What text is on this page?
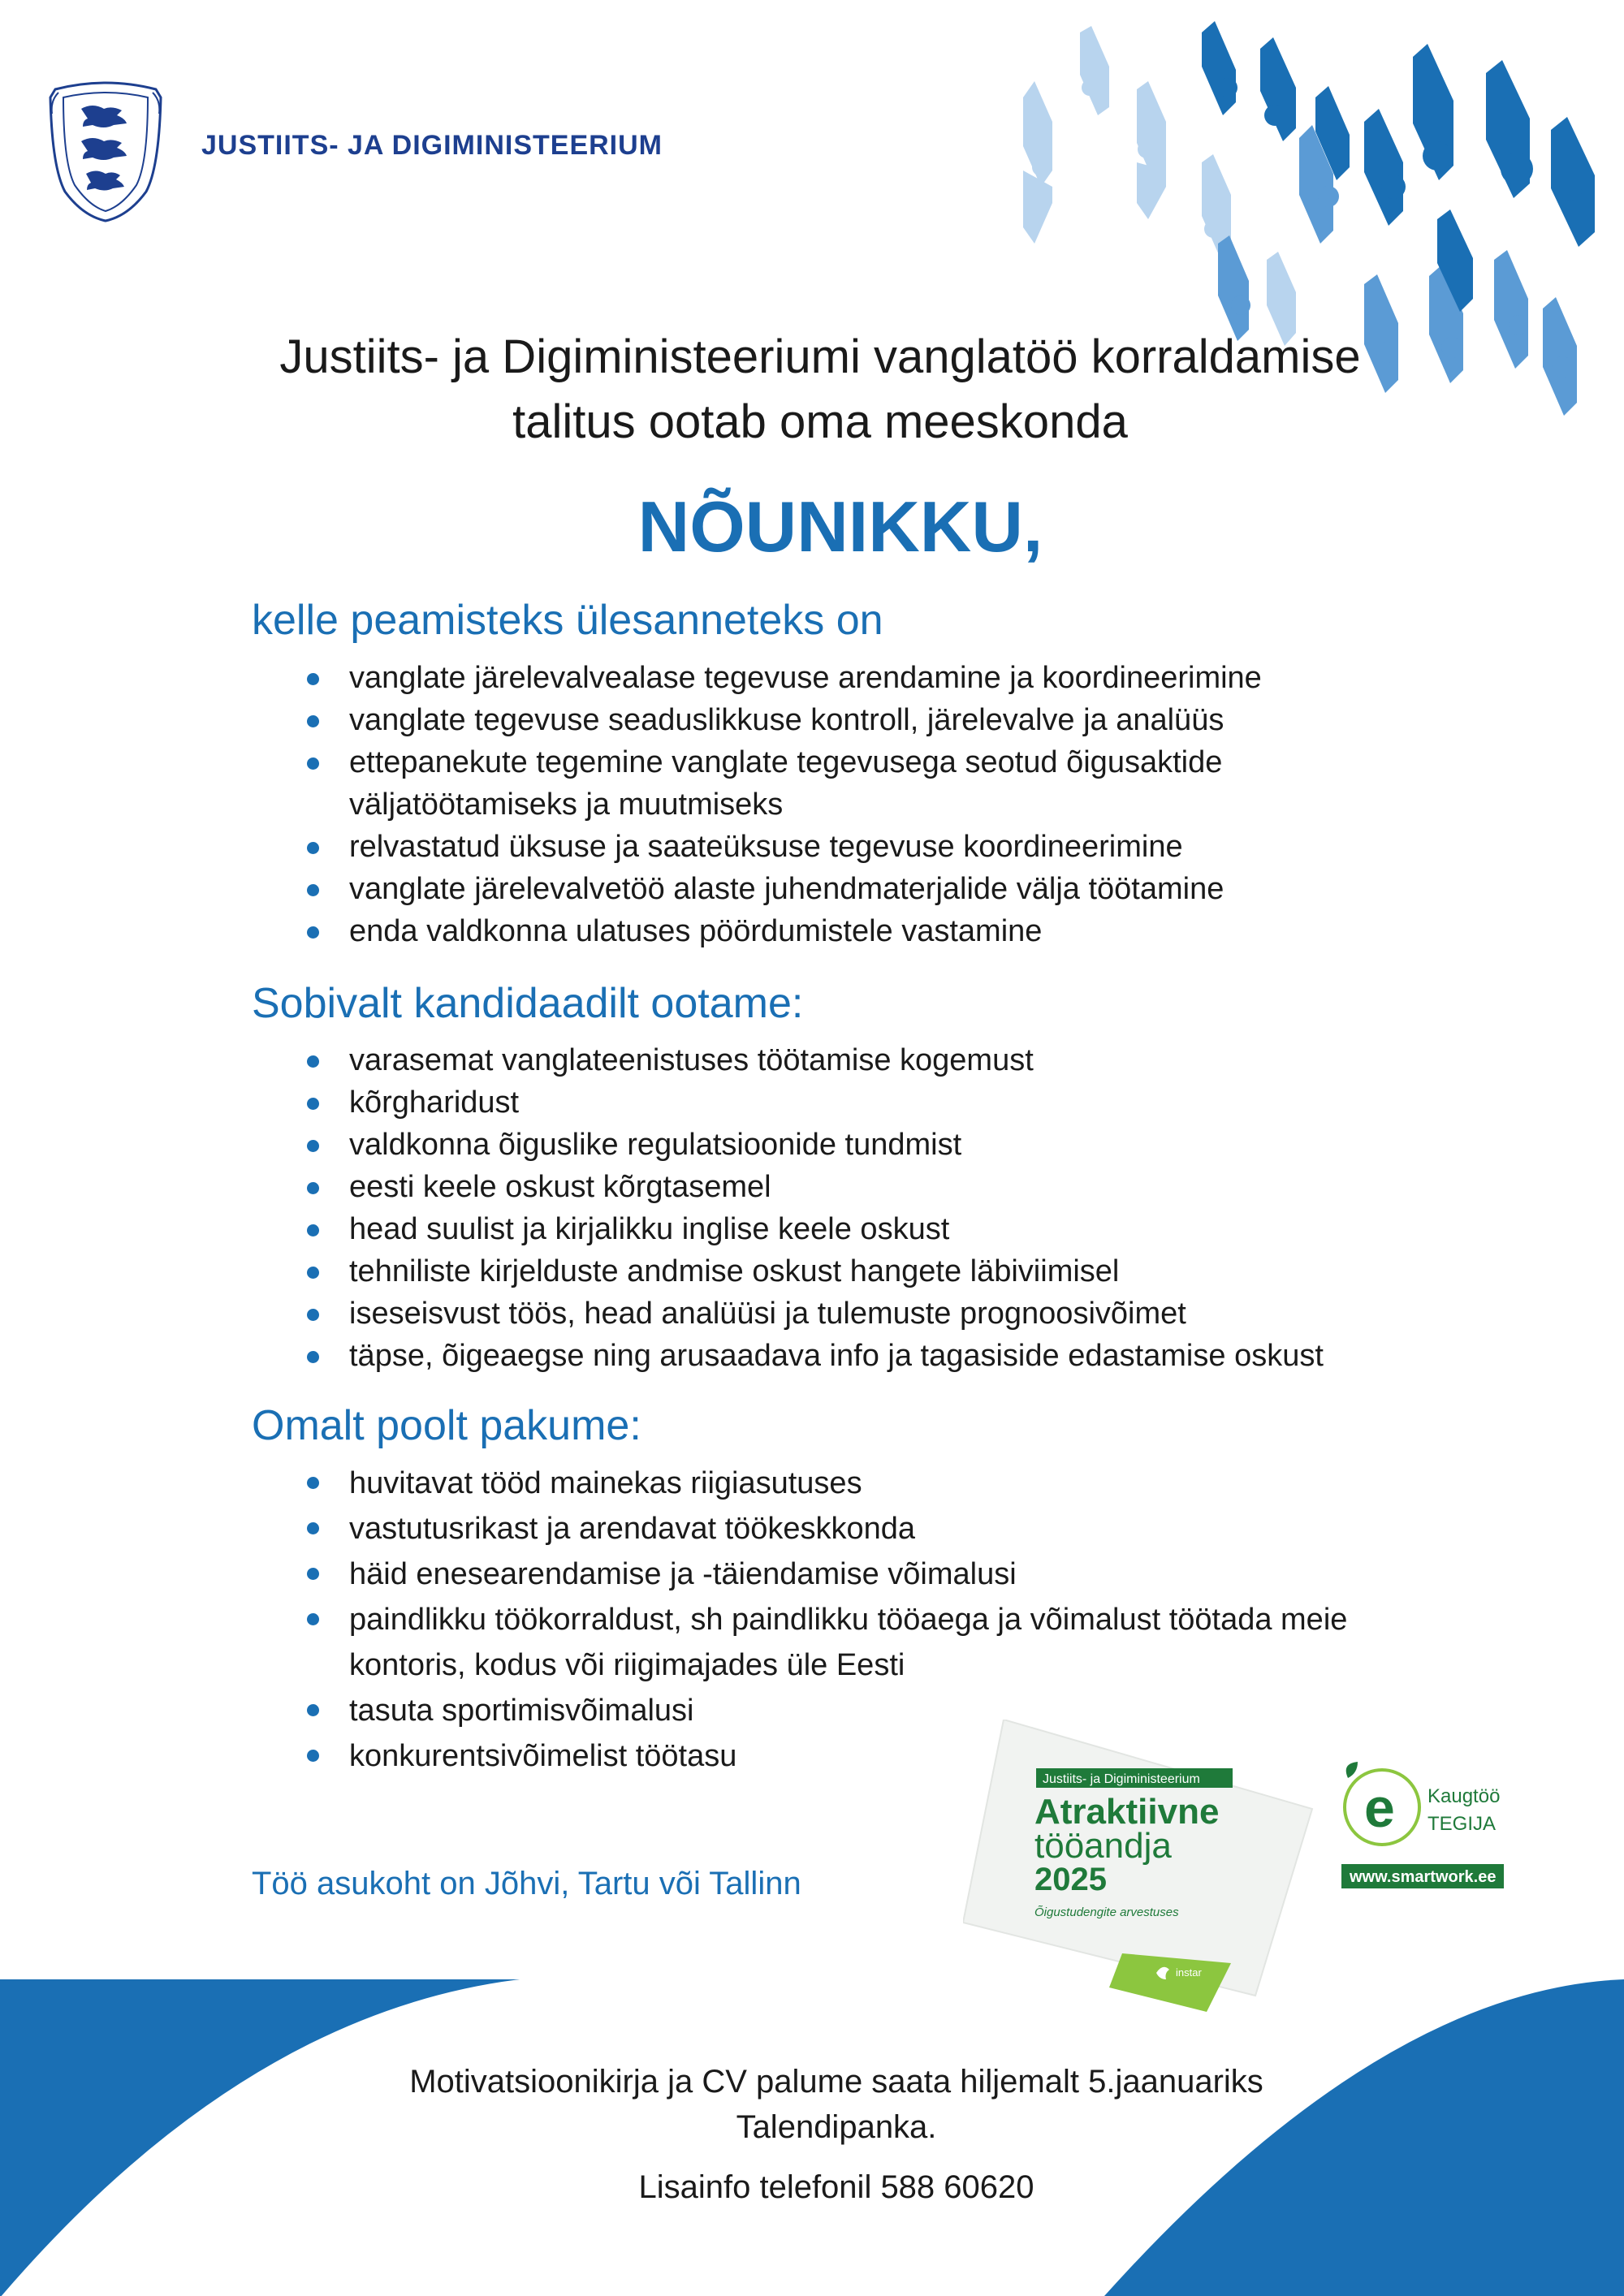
JUSTIITS- JA DIGIMINISTEERIUM
Justiits- ja Digiministeeriumi vanglatöö korraldamise
talitus ootab oma meeskonda
NÕUNIKKU,
kelle peamisteks ülesanneteks on
vanglate järelevalvealase tegevuse arendamine ja koordineerimine
vanglate tegevuse seaduslikkuse kontroll, järelevalve ja analüüs
ettepanekute tegemine vanglate tegevusega seotud õigusaktide väljatöötamiseks ja muutmiseks
relvastatud üksuse ja saateüksuse tegevuse koordineerimine
vanglate järelevalvetöö alaste juhendmaterjalide välja töötamine
enda valdkonna ulatuses pöördumistele vastamine
Sobivalt kandidaadilt ootame:
varasemat vanglateenistuses töötamise kogemust
kõrgharidust
valdkonna õiguslike regulatsioonide tundmist
eesti keele oskust kõrgtasemel
head suulist ja kirjalikku inglise keele oskust
tehniliste kirjelduste andmise oskust hangete läbiviimisel
iseseisvust töös, head analüüsi ja tulemuste prognoosivõimet
täpse, õigeaegse ning arusaadava info ja tagasiside edastamise oskust
Omalt poolt pakume:
huvitavat tööd mainekas riigiasutuses
vastutusrikast ja arendavat töökeskkonda
häid enesearendamise ja -täiendamise võimalusi
paindlikku töökorraldust, sh paindlikku tööaega ja võimalust töötada meie kontoris, kodus või riigimajades üle Eesti
tasuta sportimisvõimalusi
konkurentsivõimelist töötasu
Töö asukoht on Jõhvi, Tartu või Tallinn
instar
Justiits- ja Digiministeerium
Atraktiivne
tööandja
2025
Õigustudengite arvestuses
e Kaugtöö
TEGIJA
www.smartwork.ee
Motivatsioonikirja ja CV palume saata hiljemalt 5.jaanuariks
Talendipanka.
Lisainfo telefonil 588 60620
